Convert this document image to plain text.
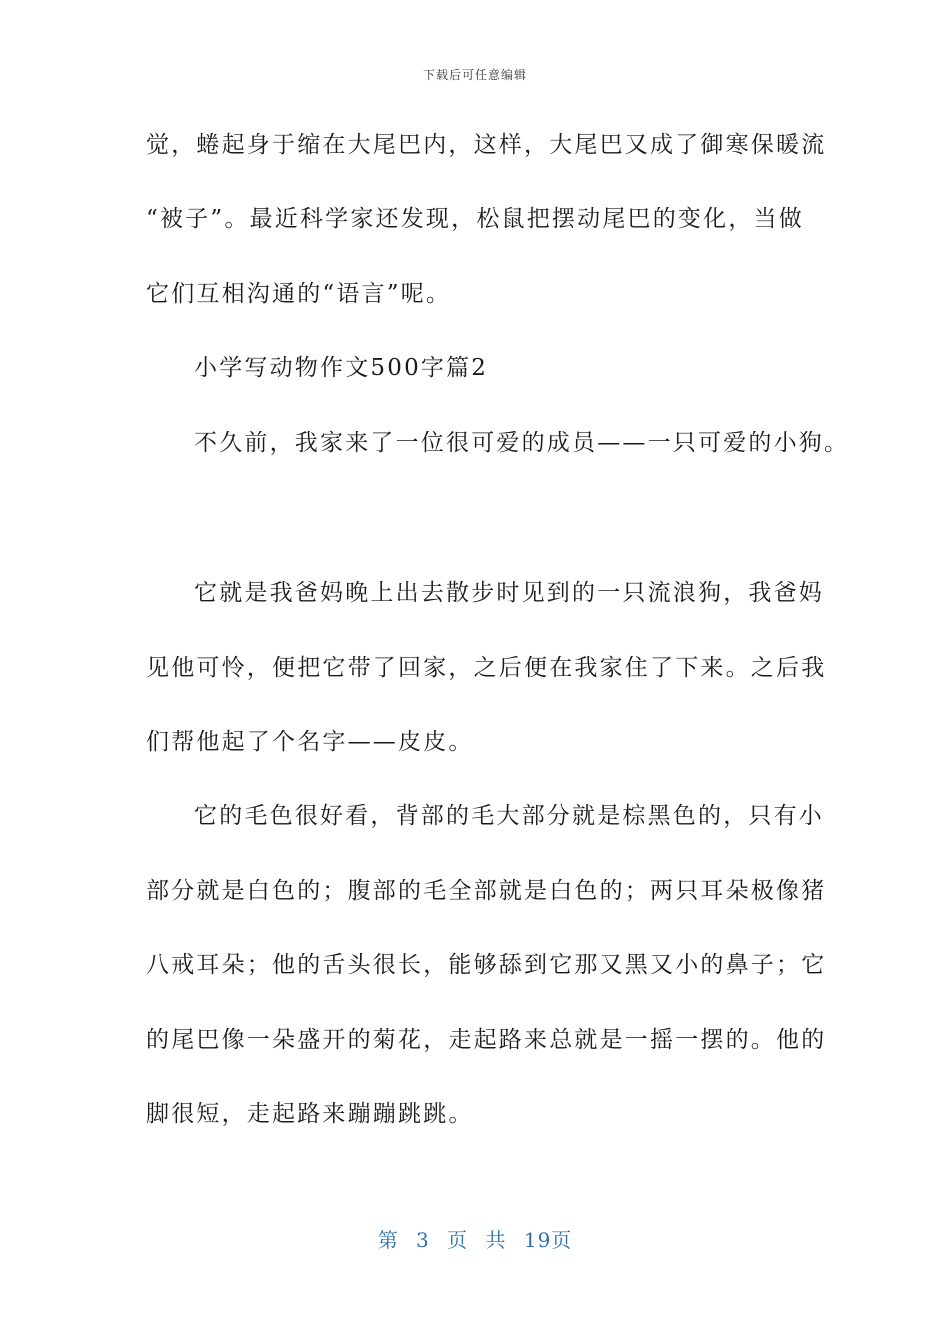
下载后可任意编辑
觉，蜷起身于缩在大尾巴内，这样，大尾巴又成了御寒保暖流
“被子”。最近科学家还发现，松鼠把摆动尾巴的变化，当做
它们互相沟通的“语言”呢。
小学写动物作文500字篇2
不久前，我家来了一位很可爱的成员——一只可爱的小狗。
它就是我爸妈晚上出去散步时见到的一只流浪狗，我爸妈
见他可怜，便把它带了回家，之后便在我家住了下来。之后我
们帮他起了个名字——皮皮。
它的毛色很好看，背部的毛大部分就是棕黑色的，只有小
部分就是白色的；腹部的毛全部就是白色的；两只耳朵极像猪
八戒耳朵；他的舌头很长，能够舔到它那又黑又小的鼻子；它
的尾巴像一朵盛开的菊花，走起路来总就是一摇一摆的。他的
脚很短，走起路来蹦蹦跳跳。
第 3 页 共 19页
